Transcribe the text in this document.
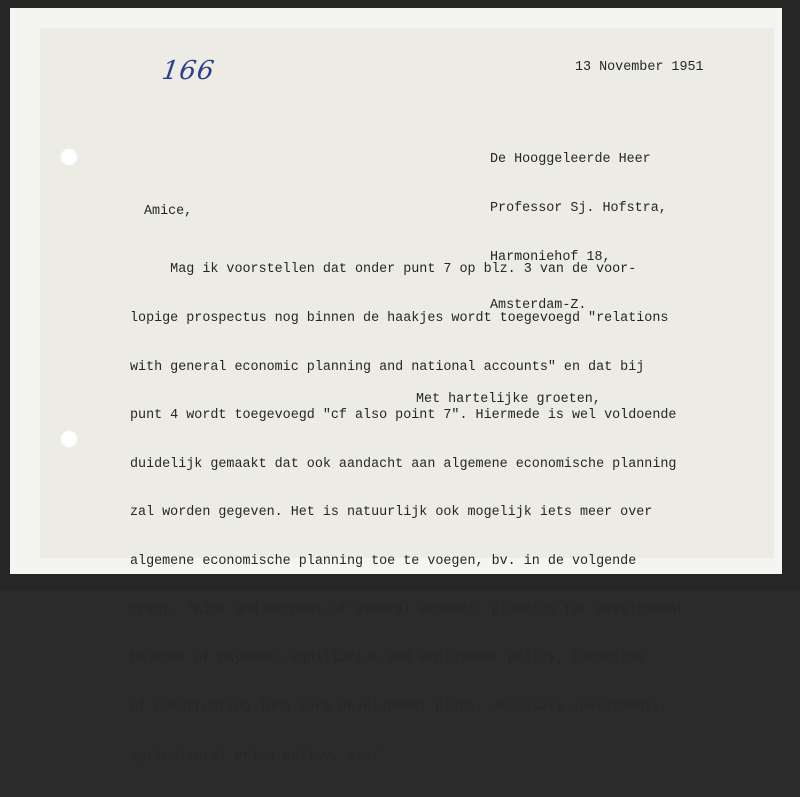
166	13 November 1951

De Hooggeleerde Heer

Professor Sj. Hofstra,

Harmoniehof 18,

Amsterdam-Z.

Amice,

Mag ik voorstellen dat onder punt 7 op blz. 3 van de voor-

lopige prospectus nog binnen de haakjes wordt toegevoegd "relations

with general economic planning and national accounts" en dat bij

punt 4 wordt toegevoegd "cf also point 7". Hiermede is wel voldoende

duidelijk gemaakt dat ook aandacht aan algemene economische planning

zal worden gegeven. Het is natuurlijk ook mogelijk iets meer over

algemene economische planning toe te voegen, bv. in de volgende

trant. "Aims and methods of general economic planning for development

balance of payments equilibrium and employment policy, technique

of constructing long-term development plans, necessary investments,

agricultural price policy, etc."

Met hartelijke groeten,
